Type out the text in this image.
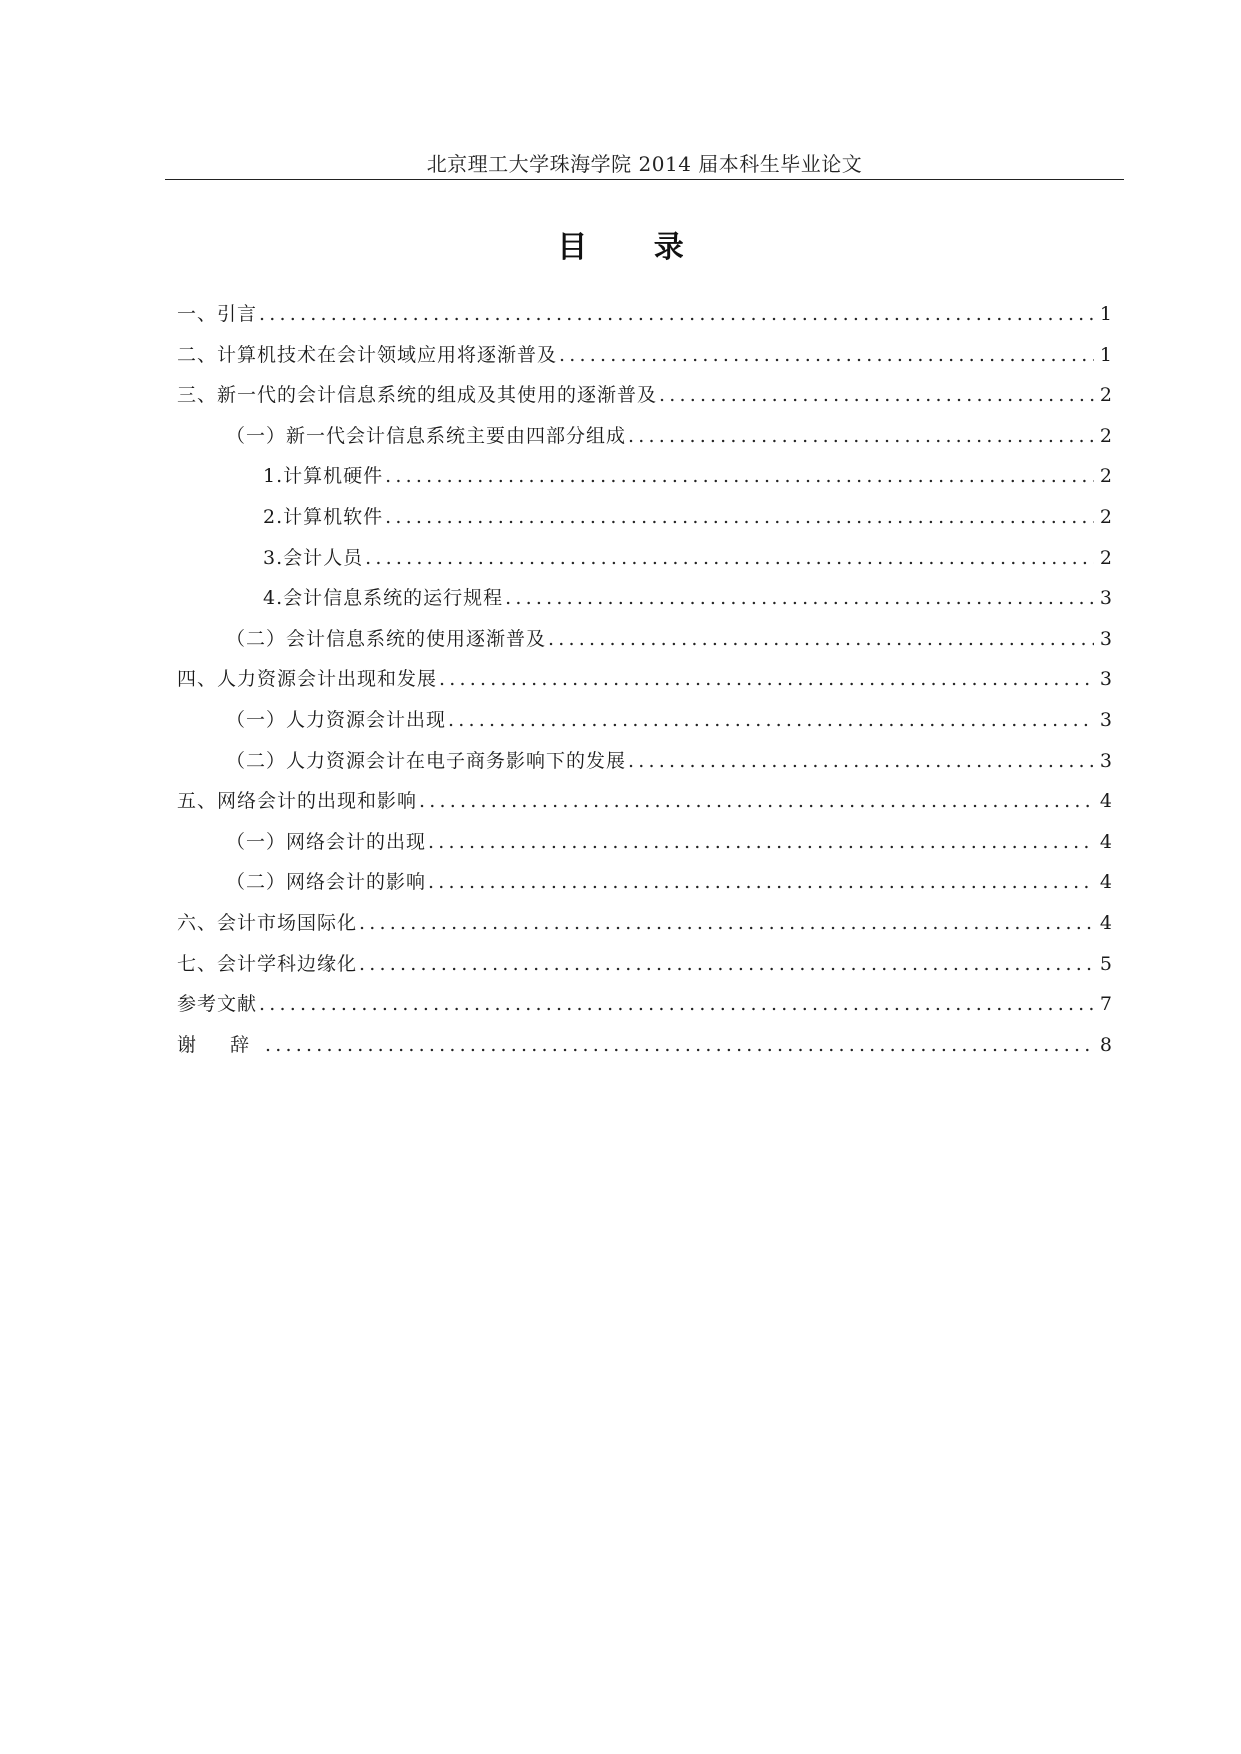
北京理工大学珠海学院 2014 届本科生毕业论文
目 录
一、引言 .....	1
二、计算机技术在会计领域应用将逐渐普及 .....	1
三、新一代的会计信息系统的组成及其使用的逐渐普及 .....	2
（一）新一代会计信息系统主要由四部分组成 .....	2
1.计算机硬件 .....	2
2.计算机软件 .....	2
3.会计人员 .....	2
4.会计信息系统的运行规程 .....	3
（二）会计信息系统的使用逐渐普及 .....	3
四、人力资源会计出现和发展 .....	3
（一）人力资源会计出现 .....	3
（二）人力资源会计在电子商务影响下的发展 .....	3
五、网络会计的出现和影响 .....	4
（一）网络会计的出现 .....	4
（二）网络会计的影响 .....	4
六、会计市场国际化 .....	4
七、会计学科边缘化 .....	5
参考文献 .....	7
谢 辞 .....	8
